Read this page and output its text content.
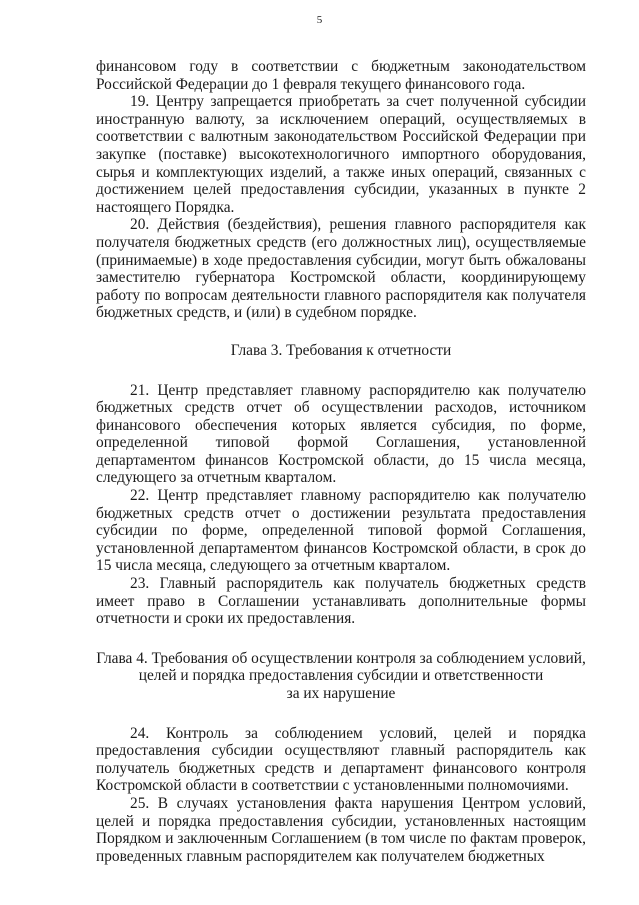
5

финансовом году в соответствии с бюджетным законодательством Российской Федерации до 1 февраля текущего финансового года.

19. Центру запрещается приобретать за счет полученной субсидии иностранную валюту, за исключением операций, осуществляемых в соответствии с валютным законодательством Российской Федерации при закупке (поставке) высокотехнологичного импортного оборудования, сырья и комплектующих изделий, а также иных операций, связанных с достижением целей предоставления субсидии, указанных в пункте 2 настоящего Порядка.

20. Действия (бездействия), решения главного распорядителя как получателя бюджетных средств (его должностных лиц), осуществляемые (принимаемые) в ходе предоставления субсидии, могут быть обжалованы заместителю губернатора Костромской области, координирующему работу по вопросам деятельности главного распорядителя как получателя бюджетных средств, и (или) в судебном порядке.

Глава 3. Требования к отчетности

21. Центр представляет главному распорядителю как получателю бюджетных средств отчет об осуществлении расходов, источником финансового обеспечения которых является субсидия, по форме, определенной типовой формой Соглашения, установленной департаментом финансов Костромской области, до 15 числа месяца, следующего за отчетным кварталом.

22. Центр представляет главному распорядителю как получателю бюджетных средств отчет о достижении результата предоставления субсидии по форме, определенной типовой формой Соглашения, установленной департаментом финансов Костромской области, в срок до 15 числа месяца, следующего за отчетным кварталом.

23. Главный распорядитель как получатель бюджетных средств имеет право в Соглашении устанавливать дополнительные формы отчетности и сроки их предоставления.

Глава 4. Требования об осуществлении контроля за соблюдением условий,
целей и порядка предоставления субсидии и ответственности
за их нарушение

24. Контроль за соблюдением условий, целей и порядка предоставления субсидии осуществляют главный распорядитель как получатель бюджетных средств и департамент финансового контроля Костромской области в соответствии с установленными полномочиями.

25. В случаях установления факта нарушения Центром условий, целей и порядка предоставления субсидии, установленных настоящим Порядком и заключенным Соглашением (в том числе по фактам проверок, проведенных главным распорядителем как получателем бюджетных
